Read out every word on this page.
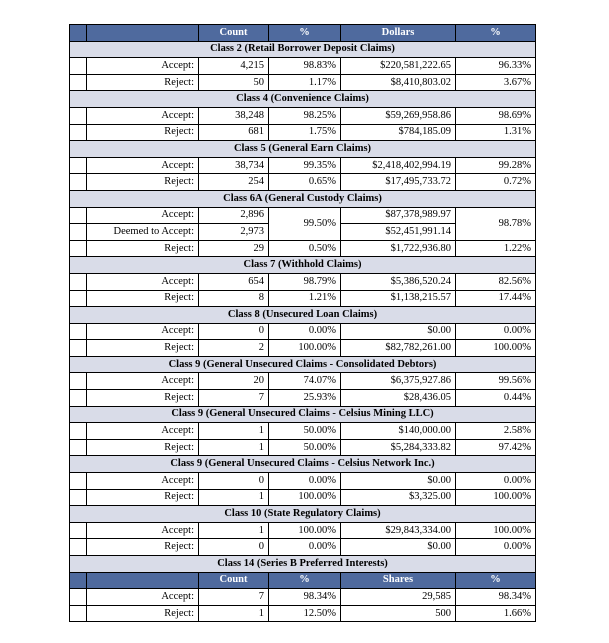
		Count	%	Dollars	%
Class 2 (Retail Borrower Deposit Claims)					
	Accept:	4,215	98.83%	$220,581,222.65	96.33%
	Reject:	50	1.17%	$8,410,803.02	3.67%
Class 4 (Convenience Claims)					
	Accept:	38,248	98.25%	$59,269,958.86	98.69%
	Reject:	681	1.75%	$784,185.09	1.31%
Class 5 (General Earn Claims)					
	Accept:	38,734	99.35%	$2,418,402,994.19	99.28%
	Reject:	254	0.65%	$17,495,733.72	0.72%
Class 6A (General Custody Claims)					
	Accept:	2,896	99.50%	$87,378,989.97	98.78%
	Deemed to Accept:	2,973		$52,451,991.14	
	Reject:	29	0.50%	$1,722,936.80	1.22%
Class 7 (Withhold Claims)					
	Accept:	654	98.79%	$5,386,520.24	82.56%
	Reject:	8	1.21%	$1,138,215.57	17.44%
Class 8 (Unsecured Loan Claims)					
	Accept:	0	0.00%	$0.00	0.00%
	Reject:	2	100.00%	$82,782,261.00	100.00%
Class 9 (General Unsecured Claims - Consolidated Debtors)					
	Accept:	20	74.07%	$6,375,927.86	99.56%
	Reject:	7	25.93%	$28,436.05	0.44%
Class 9 (General Unsecured Claims - Celsius Mining LLC)					
	Accept:	1	50.00%	$140,000.00	2.58%
	Reject:	1	50.00%	$5,284,333.82	97.42%
Class 9 (General Unsecured Claims - Celsius Network Inc.)					
	Accept:	0	0.00%	$0.00	0.00%
	Reject:	1	100.00%	$3,325.00	100.00%
Class 10 (State Regulatory Claims)					
	Accept:	1	100.00%	$29,843,334.00	100.00%
	Reject:	0	0.00%	$0.00	0.00%
Class 14 (Series B Preferred Interests)					
		Count	%	Shares	%
	Accept:	7	98.34%	29,585	98.34%
	Reject:	1	12.50%	500	1.66%
